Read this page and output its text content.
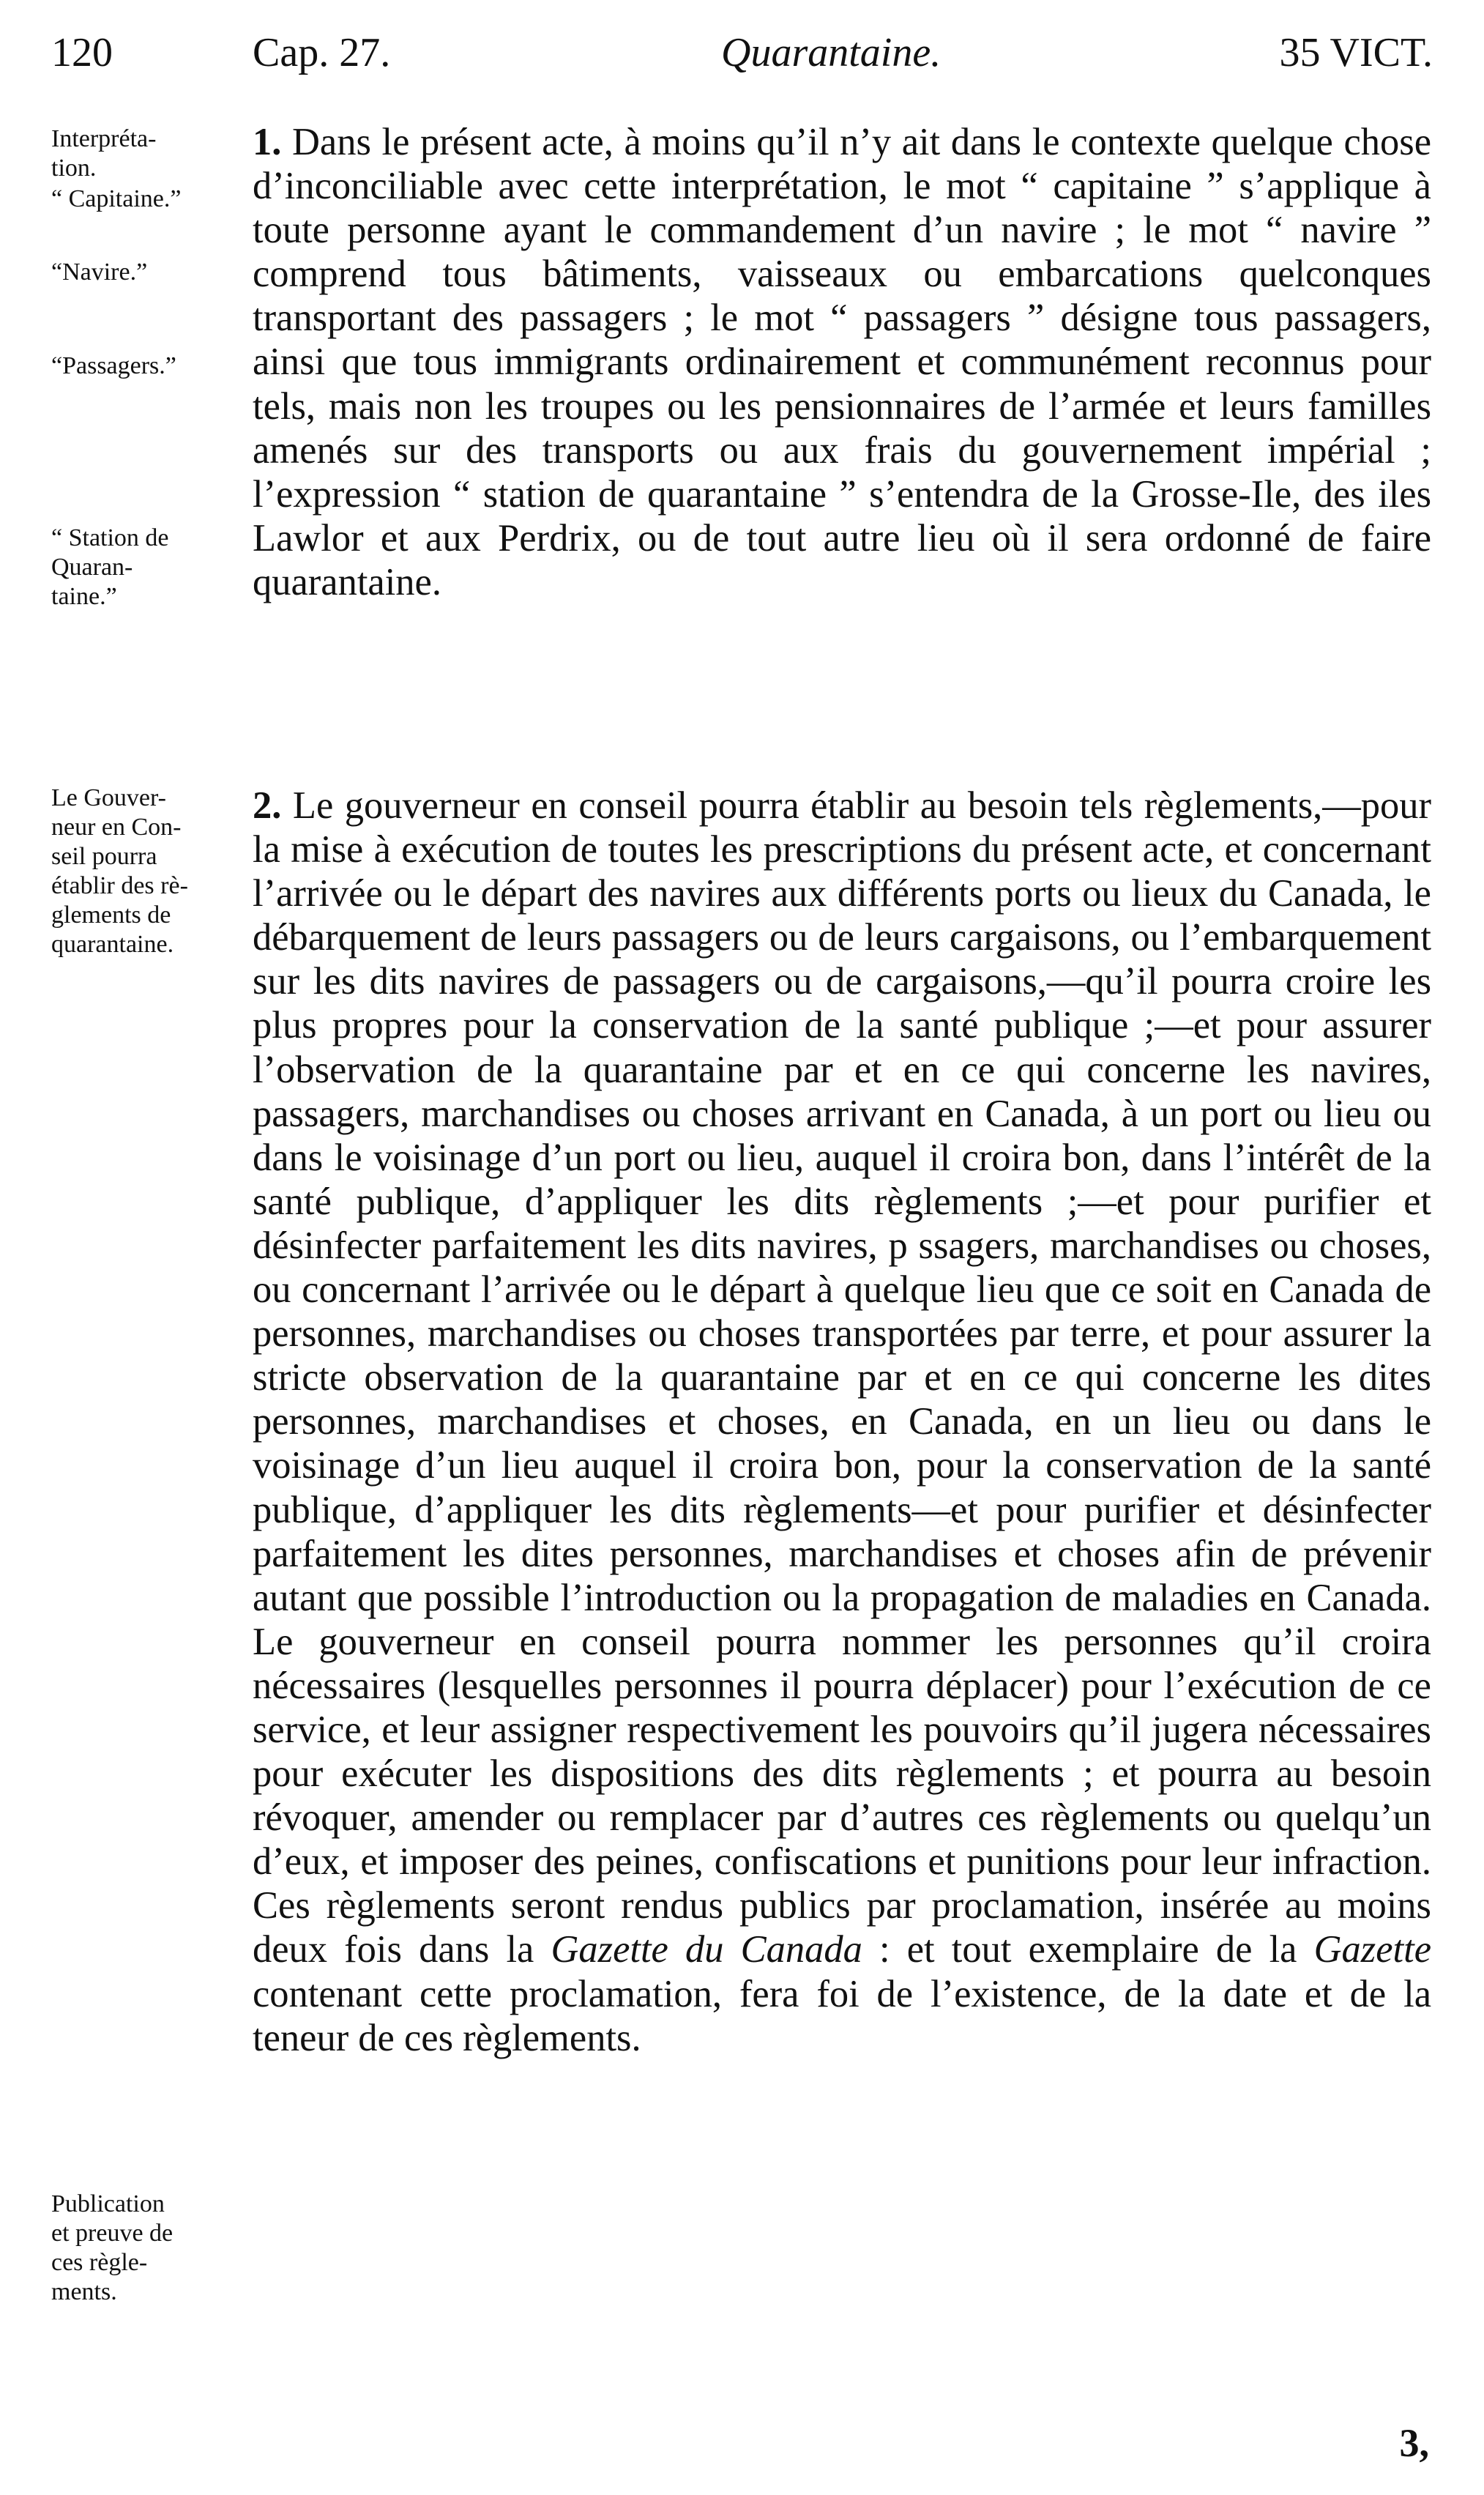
120	Cap. 27.	Quarantaine.	35 VICT.
Interpréta-
tion.
“ Capitaine.”
“Navire.”
“Passagers.”
“ Station de
Quaran-
taine.”
Le Gouver-
neur en Con-
seil pourra
établir des rè-
glements de
quarantaine.
Publication
et preuve de
ces règle-
ments.
1. Dans le présent acte, à moins qu’il n’y ait dans le contexte quelque chose d’inconciliable avec cette interprétation, le mot “ capitaine ” s’applique à toute personne ayant le commandement d’un navire ; le mot “ navire ” comprend tous bâtiments, vaisseaux ou embarcations quelconques transportant des passagers ; le mot “ passagers ” désigne tous passagers, ainsi que tous immigrants ordinairement et communément reconnus pour tels, mais non les troupes ou les pensionnaires de l’armée et leurs familles amenés sur des transports ou aux frais du gouvernement impérial ; l’expression “ station de quarantaine ” s’entendra de la Grosse-Ile, des iles Lawlor et aux Perdrix, ou de tout autre lieu où il sera ordonné de faire quarantaine.
2. Le gouverneur en conseil pourra établir au besoin tels règlements,—pour la mise à exécution de toutes les prescriptions du présent acte, et concernant l’arrivée ou le départ des navires aux différents ports ou lieux du Canada, le débarquement de leurs passagers ou de leurs cargaisons, ou l’embarquement sur les dits navires de passagers ou de cargaisons,—qu’il pourra croire les plus propres pour la conservation de la santé publique ;—et pour assurer l’observation de la quarantaine par et en ce qui concerne les navires, passagers, marchandises ou choses arrivant en Canada, à un port ou lieu ou dans le voisinage d’un port ou lieu, auquel il croira bon, dans l’intérêt de la santé publique, d’appliquer les dits règlements ;—et pour purifier et désinfecter parfaitement les dits navires, p ssagers, marchandises ou choses, ou concernant l’arrivée ou le départ à quelque lieu que ce soit en Canada de personnes, marchandises ou choses transportées par terre, et pour assurer la stricte observation de la quarantaine par et en ce qui concerne les dites personnes, marchandises et choses, en Canada, en un lieu ou dans le voisinage d’un lieu auquel il croira bon, pour la conservation de la santé publique, d’appliquer les dits règlements—et pour purifier et désinfecter parfaitement les dites personnes, marchandises et choses afin de prévenir autant que possible l’introduction ou la propagation de maladies en Canada. Le gouverneur en conseil pourra nommer les personnes qu’il croira nécessaires (lesquelles personnes il pourra déplacer) pour l’exécution de ce service, et leur assigner respectivement les pouvoirs qu’il jugera nécessaires pour exécuter les dispositions des dits règlements ; et pourra au besoin révoquer, amender ou remplacer par d’autres ces règlements ou quelqu’un d’eux, et imposer des peines, confiscations et punitions pour leur infraction. Ces règlements seront rendus publics par proclamation, insérée au moins deux fois dans la Gazette du Canada : et tout exemplaire de la Gazette contenant cette proclamation, fera foi de l’existence, de la date et de la teneur de ces règlements.
3,
